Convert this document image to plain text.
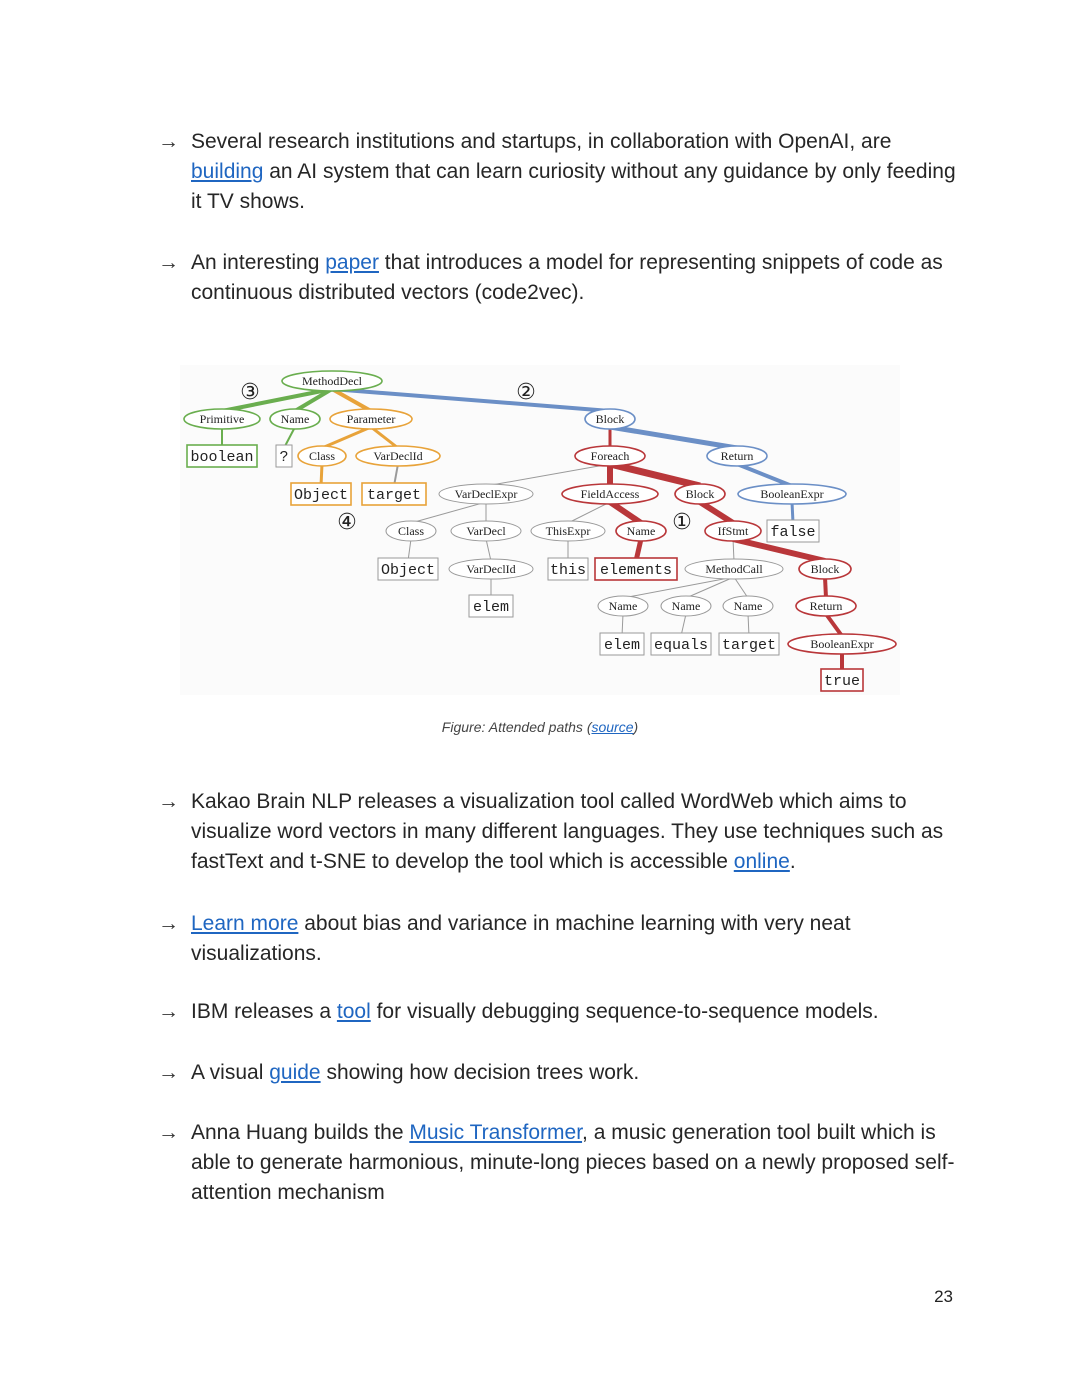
→ Several research institutions and startups, in collaboration with OpenAI, are building an AI system that can learn curiosity without any guidance by only feeding it TV shows.
→ An interesting paper that introduces a model for representing snippets of code as continuous distributed vectors (code2vec).
MethodDecl
Primitive	Name	Parameter	Block
boolean ? Class	VarDeclId	Foreach	Return
Object target	VarDeclExpr	FieldAccess	Block	BooleanExpr
Class	VarDecl	ThisExpr	Name	IfStmt false
Object	VarDeclId this elements	MethodCall	Block
elem	Name	Name	Name	Return
elem equals target	BooleanExpr
true
③	②
④	①
Figure: Attended paths (source)
→ Kakao Brain NLP releases a visualization tool called WordWeb which aims to visualize word vectors in many different languages. They use techniques such as fastText and t-SNE to develop the tool which is accessible online.
→ Learn more about bias and variance in machine learning with very neat visualizations.
→ IBM releases a tool for visually debugging sequence-to-sequence models.
→ A visual guide showing how decision trees work.
→ Anna Huang builds the Music Transformer, a music generation tool built which is able to generate harmonious, minute-long pieces based on a newly proposed self-attention mechanism
23
